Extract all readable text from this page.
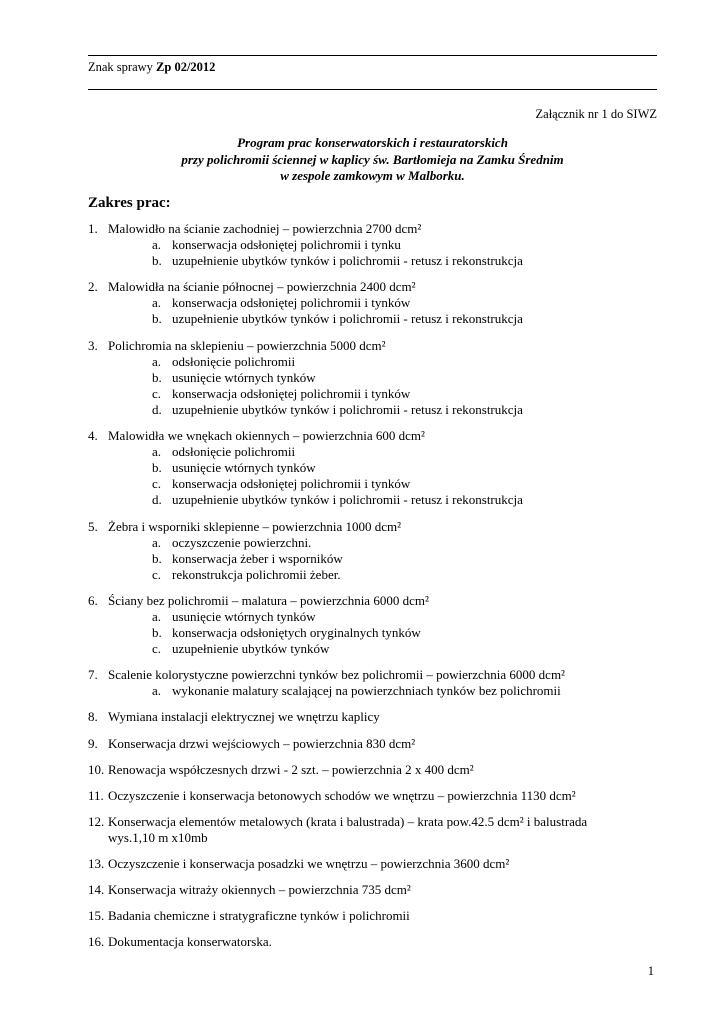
Znak sprawy Zp 02/2012
Załącznik nr 1 do SIWZ
Program prac konserwatorskich i restauratorskich
przy polichromii ściennej w kaplicy św. Bartłomieja na Zamku Średnim
w zespole zamkowym w Malborku.
Zakres prac:
1. Malowidło na ścianie zachodniej – powierzchnia 2700 dcm²
a. konserwacja odsłoniętej polichromii i tynku
b. uzupełnienie ubytków tynków i polichromii - retusz i rekonstrukcja
2. Malowidła na ścianie północnej – powierzchnia 2400 dcm²
a. konserwacja odsłoniętej polichromii i tynków
b. uzupełnienie ubytków tynków i polichromii - retusz i rekonstrukcja
3. Polichromia na sklepieniu – powierzchnia 5000 dcm²
a. odsłonięcie polichromii
b. usunięcie wtórnych tynków
c. konserwacja odsłoniętej polichromii i tynków
d. uzupełnienie ubytków tynków i polichromii - retusz i rekonstrukcja
4. Malowidła we wnękach okiennych – powierzchnia 600 dcm²
a. odsłonięcie polichromii
b. usunięcie wtórnych tynków
c. konserwacja odsłoniętej polichromii i tynków
d. uzupełnienie ubytków tynków i polichromii - retusz i rekonstrukcja
5. Żebra i wsporniki sklepienne – powierzchnia 1000 dcm²
a. oczyszczenie powierzchni.
b. konserwacja żeber i wsporników
c. rekonstrukcja polichromii żeber.
6. Ściany bez polichromii – malatura – powierzchnia 6000 dcm²
a. usunięcie wtórnych tynków
b. konserwacja odsłoniętych oryginalnych tynków
c. uzupełnienie ubytków tynków
7. Scalenie kolorystyczne powierzchni tynków bez polichromii – powierzchnia 6000 dcm²
a. wykonanie malatury scalającej na powierzchniach tynków bez polichromii
8. Wymiana instalacji elektrycznej we wnętrzu kaplicy
9. Konserwacja drzwi wejściowych – powierzchnia 830 dcm²
10. Renowacja współczesnych drzwi - 2 szt. – powierzchnia 2 x 400 dcm²
11. Oczyszczenie i konserwacja betonowych schodów we wnętrzu – powierzchnia 1130 dcm²
12. Konserwacja elementów metalowych (krata i balustrada) – krata pow.42.5 dcm² i balustrada
wys.1,10 m x10mb
13. Oczyszczenie i konserwacja posadzki we wnętrzu – powierzchnia 3600 dcm²
14. Konserwacja witraży okiennych – powierzchnia 735 dcm²
15. Badania chemiczne i stratygraficzne tynków i polichromii
16. Dokumentacja konserwatorska.
1
